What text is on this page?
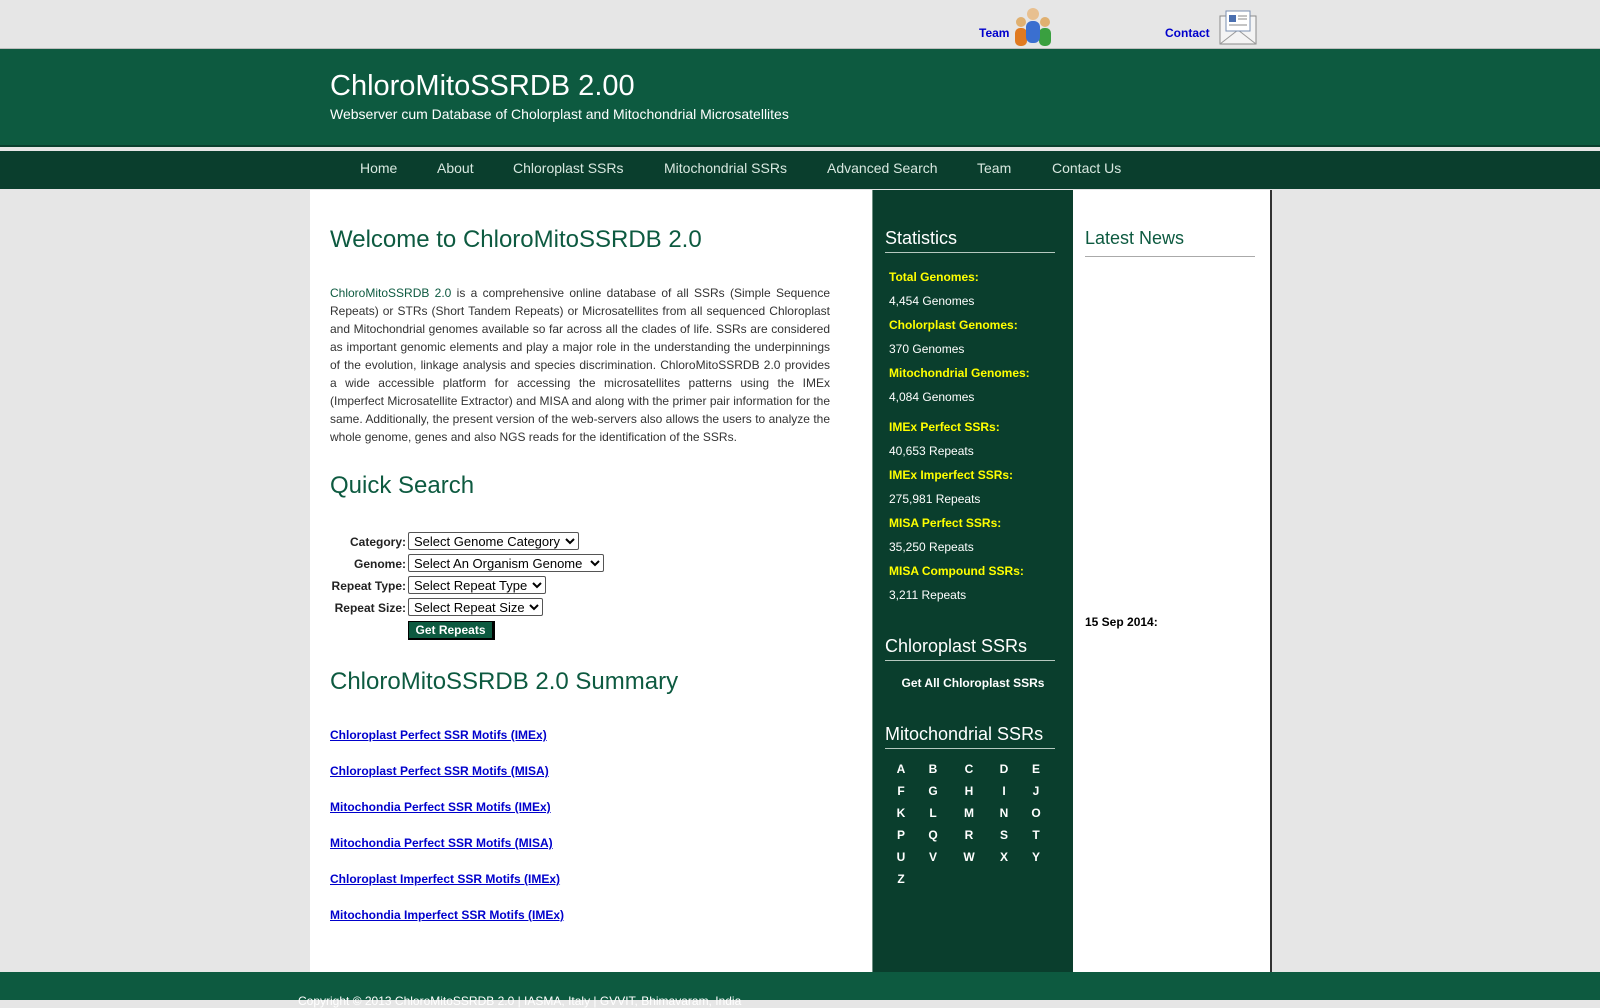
Team	Contact
ChloroMitoSSRDB 2.00
Webserver cum Database of Cholorplast and Mitochondrial Microsatellites
Home	About	Chloroplast SSRs	Mitochondrial SSRs	Advanced Search	Team	Contact Us
Welcome to ChloroMitoSSRDB 2.0

ChloroMitoSSRDB 2.0 is a comprehensive online database of all SSRs (Simple Sequence Repeats) or STRs (Short Tandem Repeats) or Microsatellites from all sequenced Chloroplast and Mitochondrial genomes available so far across all the clades of life. SSRs are considered as important genomic elements and play a major role in the understanding the underpinnings of the evolution, linkage analysis and species discrimination. ChloroMitoSSRDB 2.0 provides a wide accessible platform for accessing the microsatellites patterns using the IMEx (Imperfect Microsatellite Extractor) and MISA and along with the primer pair information for the same. Additionally, the present version of the web-servers also allows the users to analyze the whole genome, genes and also NGS reads for the identification of the SSRs.

Quick Search
Category:
Select Genome Category
Genome:
Select An Organism Genome
Repeat Type:
Select Repeat Type
Repeat Size:
Select Repeat Size
Get Repeats
ChloroMitoSSRDB 2.0 Summary
Chloroplast Perfect SSR Motifs (IMEx)
Chloroplast Perfect SSR Motifs (MISA)
Mitochondia Perfect SSR Motifs (IMEx)
Mitochondia Perfect SSR Motifs (MISA)
Chloroplast Imperfect SSR Motifs (IMEx)
Mitochondia Imperfect SSR Motifs (IMEx)
Statistics
Total Genomes:
4,454 Genomes
Cholorplast Genomes:
370 Genomes
Mitochondrial Genomes:
4,084 Genomes
IMEx Perfect SSRs:
40,653 Repeats
IMEx Imperfect SSRs:
275,981 Repeats
MISA Perfect SSRs:
35,250 Repeats
MISA Compound SSRs:
3,211 Repeats
Chloroplast SSRs
Get All Chloroplast SSRs
Mitochondrial SSRs
A	B	C	D	E
F	G	H	I	J
K	L	M	N	O
P	Q	R	S	T
U	V	W	X	Y
Z
Latest News
15 Sep 2014:
Copyright © 2013 ChloroMitoSSRDB 2.0 | IASMA, Italy | GVVIT, Bhimavaram, India
